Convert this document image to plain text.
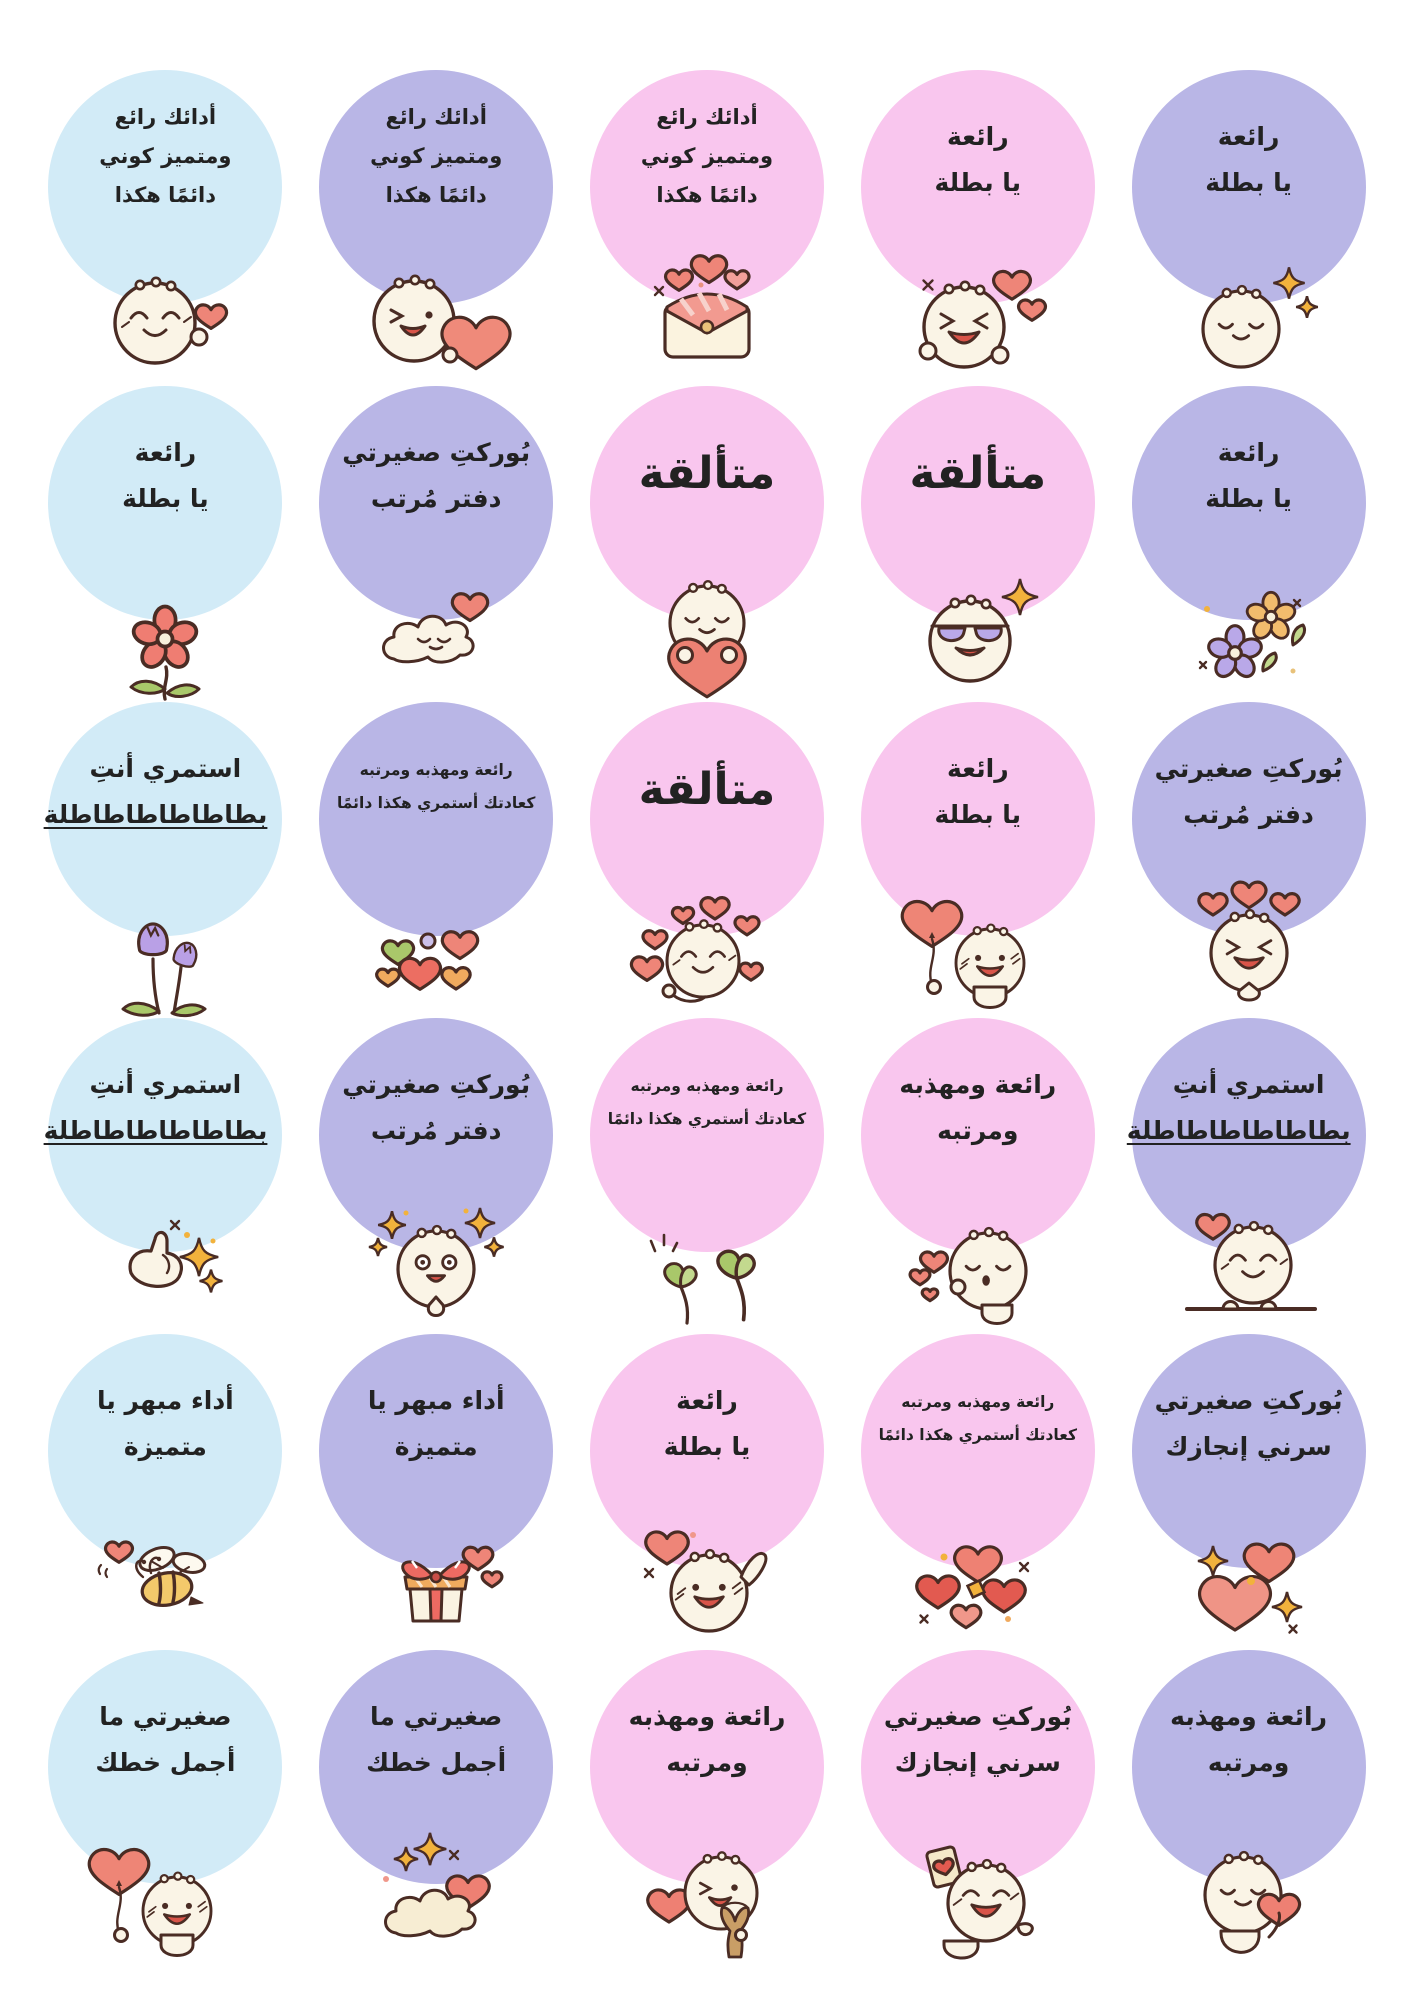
أدائك رائع
ومتميز كوني
دائمًا هكذا
أدائك رائع
ومتميز كوني
دائمًا هكذا
أدائك رائع
ومتميز كوني
دائمًا هكذا
رائعة
يا بطلة
رائعة
يا بطلة
رائعة
يا بطلة
بُوركتِ صغيرتي
دفتر مُرتب	متألقة	متألقة	رائعة
يا بطلة
استمري أنتِ
بطاطاطاطاطاطلة
رائعة ومهذبه ومرتبه
كعادتك أستمري هكذا دائمًا	متألقة	رائعة
يا بطلة
بُوركتِ صغيرتي
دفتر مُرتب
استمري أنتِ
بطاطاطاطاطاطلة
بُوركتِ صغيرتي
دفتر مُرتب
رائعة ومهذبه ومرتبه
كعادتك أستمري هكذا دائمًا
رائعة ومهذبه
ومرتبه
استمري أنتِ
بطاطاطاطاطاطلة
أداء مبهر يا
متميزة
أداء مبهر يا
متميزة
رائعة
يا بطلة
رائعة ومهذبه ومرتبه
كعادتك أستمري هكذا دائمًا
بُوركتِ صغيرتي
سرني إنجازك
صغيرتي ما
أجمل خطك
صغيرتي ما
أجمل خطك
رائعة ومهذبه
ومرتبه
بُوركتِ صغيرتي
سرني إنجازك
رائعة ومهذبه
ومرتبه
